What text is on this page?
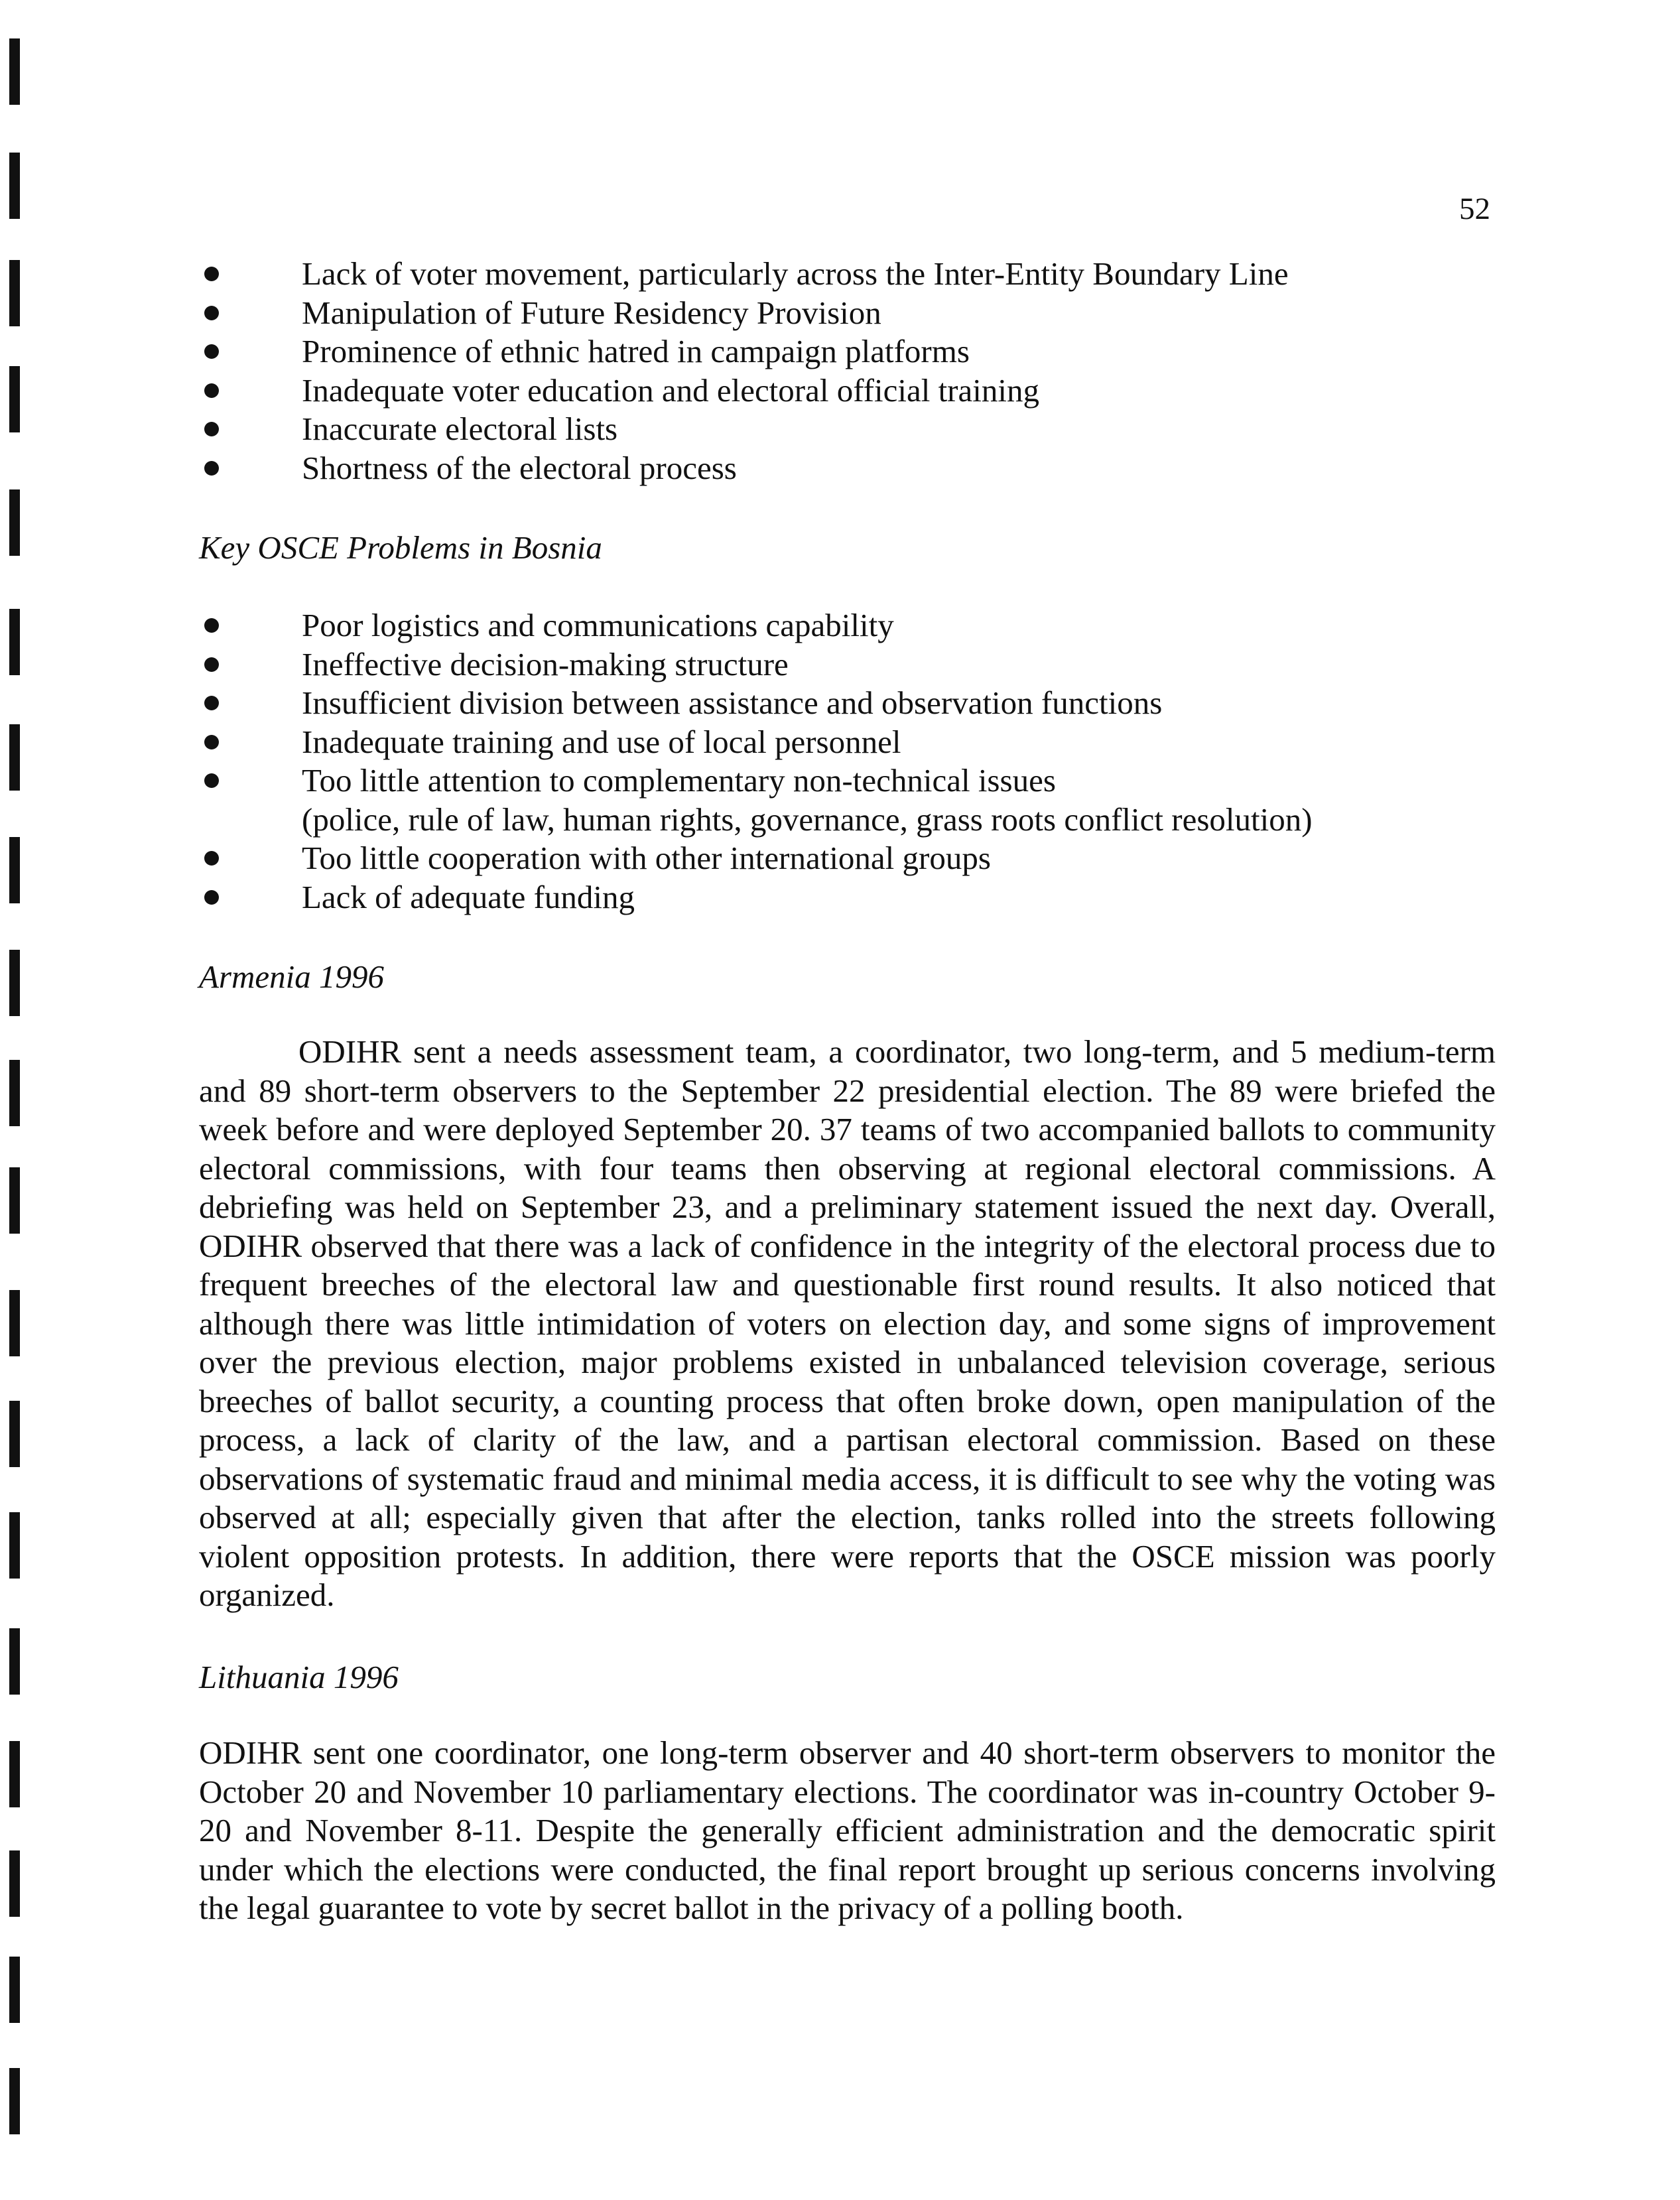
52
Lack of voter movement, particularly across the Inter-Entity Boundary Line
Manipulation of Future Residency Provision
Prominence of ethnic hatred in campaign platforms
Inadequate voter education and electoral official training
Inaccurate electoral lists
Shortness of the electoral process
Key OSCE Problems in Bosnia
Poor logistics and communications capability
Ineffective decision-making structure
Insufficient division between assistance and observation functions
Inadequate training and use of local personnel
Too little attention to complementary non-technical issues
(police, rule of law, human rights, governance, grass roots conflict resolution)
Too little cooperation with other international groups
Lack of adequate funding
Armenia 1996

ODIHR sent a needs assessment team, a coordinator, two long-term, and 5 medium-term and 89 short-term observers to the September 22 presidential election. The 89 were briefed the week before and were deployed September 20. 37 teams of two accompanied ballots to community electoral commissions, with four teams then observing at regional electoral commissions. A debriefing was held on September 23, and a preliminary statement issued the next day. Overall, ODIHR observed that there was a lack of confidence in the integrity of the electoral process due to frequent breeches of the electoral law and questionable first round results. It also noticed that although there was little intimidation of voters on election day, and some signs of improvement over the previous election, major problems existed in unbalanced television coverage, serious breeches of ballot security, a counting process that often broke down, open manipulation of the process, a lack of clarity of the law, and a partisan electoral commission. Based on these observations of systematic fraud and minimal media access, it is difficult to see why the voting was observed at all; especially given that after the election, tanks rolled into the streets following violent opposition protests. In addition, there were reports that the OSCE mission was poorly organized.

Lithuania 1996

ODIHR sent one coordinator, one long-term observer and 40 short-term observers to monitor the October 20 and November 10 parliamentary elections. The coordinator was in-country October 9-20 and November 8-11. Despite the generally efficient administration and the democratic spirit under which the elections were conducted, the final report brought up serious concerns involving the legal guarantee to vote by secret ballot in the privacy of a polling booth.
